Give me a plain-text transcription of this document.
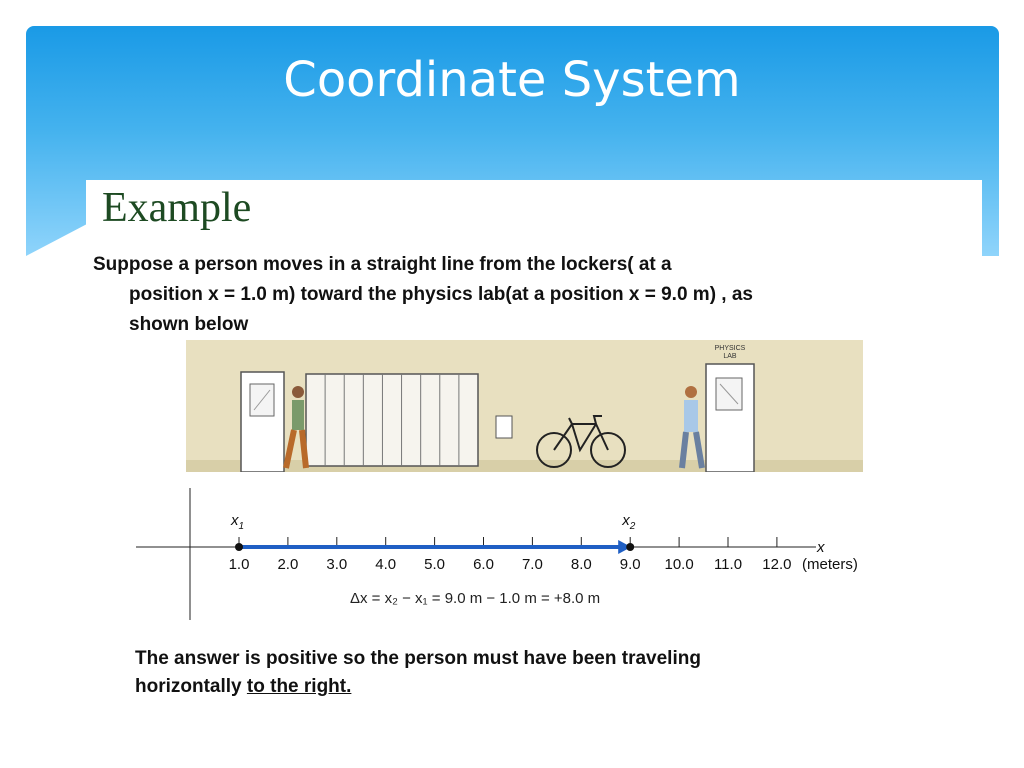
Coordinate System
Example
Suppose a person moves in a straight line from the lockers( at a
position x = 1.0 m) toward the physics lab(at a position x = 9.0 m) , as
shown below
PHYSICS
LAB
1.0 2.0 3.0 4.0 5.0 6.0 7.0 8.0 9.0 10.0 11.0 12.0
$x_1$	$x_2$
x
(meters)
Δx = x₂ − x₁ = 9.0 m − 1.0 m = +8.0 m
The answer is positive so the person must have been traveling
horizontally to the right.
